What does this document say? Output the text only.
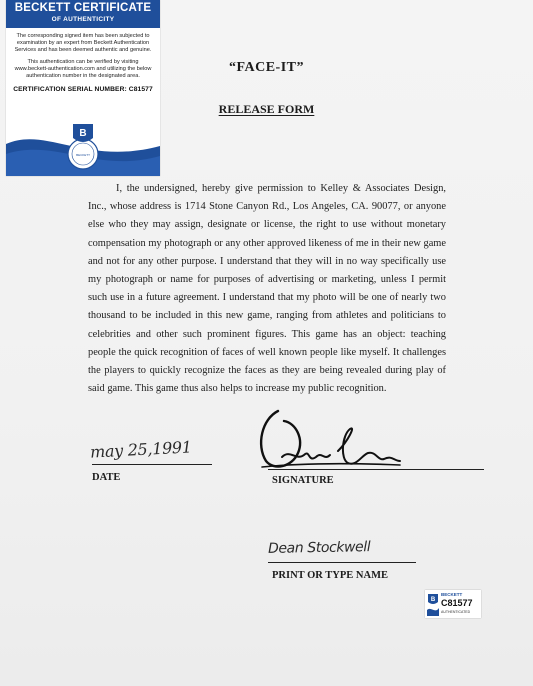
BECKETT CERTIFICATE
OF AUTHENTICITY
The corresponding signed item has been subjected to examination by an expert from Beckett Authentication Services and has been deemed authentic and genuine.
This authentication can be verified by visiting www.beckett-authentication.com and utilizing the below authentication number in the designated area.
CERTIFICATION SERIAL NUMBER: C81577
B
BECKETT
“FACE-IT”
RELEASE FORM

I, the undersigned, hereby give permission to Kelley & Associates Design, Inc., whose address is 1714 Stone Canyon Rd., Los Angeles, CA. 90077, or anyone else who they may assign, designate or license, the right to use without monetary compensation my photograph or any other approved likeness of me in their new game and not for any other purpose. I understand that they will in no way specifically use my photograph or name for purposes of advertising or marketing, unless I permit such use in a future agreement. I understand that my photo will be one of nearly two thousand to be included in this new game, ranging from athletes and politicians to celebrities and other such prominent figures. This game has an object: teaching people the quick recognition of faces of well known people like myself. It challenges the players to quickly recognize the faces as they are being revealed during play of said game. This game thus also helps to increase my public recognition.

may 25,1991
DATE	SIGNATURE
Dean Stockwell
PRINT OR TYPE NAME
B
BECKETT
C81577
AUTHENTICATED
